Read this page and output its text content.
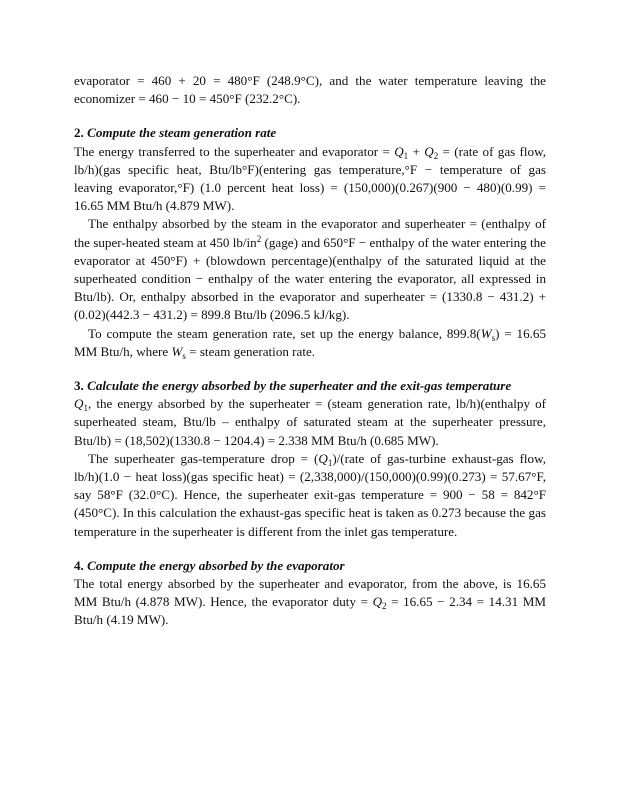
evaporator = 460 + 20 = 480°F (248.9°C), and the water temperature leaving the economizer = 460 − 10 = 450°F (232.2°C).

2. Compute the steam generation rate

The energy transferred to the superheater and evaporator = $Q_1 + Q_2$ = (rate of gas flow, lb/h)(gas specific heat, Btu/lb°F)(entering gas temperature,°F − temperature of gas leaving evaporator,°F) (1.0 percent heat loss) = (150,000)(0.267)(900 − 480)(0.99) = 16.65 MM Btu/h (4.879 MW).

The enthalpy absorbed by the steam in the evaporator and superheater = (enthalpy of the super-heated steam at 450 $lb/in^2$ (gage) and 650°F − enthalpy of the water entering the evaporator at 450°F) + (blowdown percentage)(enthalpy of the saturated liquid at the superheated condition − enthalpy of the water entering the evaporator, all expressed in Btu/lb). Or, enthalpy absorbed in the evaporator and superheater = (1330.8 − 431.2) + (0.02)(442.3 − 431.2) = 899.8 Btu/lb (2096.5 kJ/kg).

To compute the steam generation rate, set up the energy balance, $899.8(W_s) = 16.65$ MM Btu/h, where $W_s$ = steam generation rate.

3. Calculate the energy absorbed by the superheater and the exit-gas temperature

$Q_1$, the energy absorbed by the superheater = (steam generation rate, lb/h)(enthalpy of superheated steam, Btu/lb – enthalpy of saturated steam at the superheater pressure, Btu/lb) = (18,502)(1330.8 − 1204.4) = 2.338 MM Btu/h (0.685 MW).

The superheater gas-temperature drop = $(Q_1)/(rate$ of gas-turbine exhaust-gas flow, lb/h)(1.0 − heat loss)(gas specific heat) = (2,338,000)/(150,000)(0.99)(0.273) = 57.67°F, say 58°F (32.0°C). Hence, the superheater exit-gas temperature = 900 − 58 = 842°F (450°C). In this calculation the exhaust-gas specific heat is taken as 0.273 because the gas temperature in the superheater is different from the inlet gas temperature.

4. Compute the energy absorbed by the evaporator

The total energy absorbed by the superheater and evaporator, from the above, is 16.65 MM Btu/h (4.878 MW). Hence, the evaporator duty = $Q_2 = 16.65 - 2.34 = 14.31$ MM Btu/h (4.19 MW).
